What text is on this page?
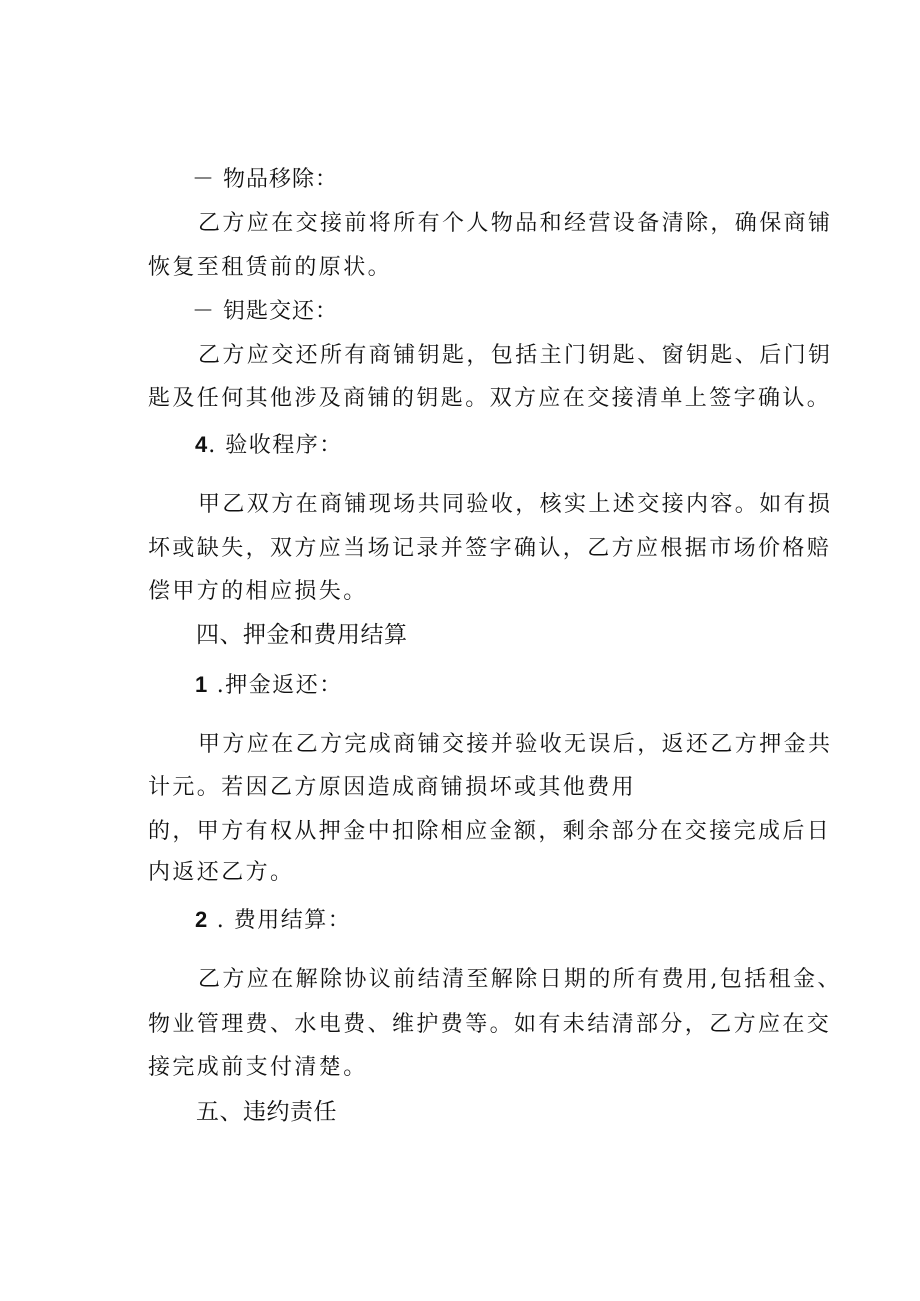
－ 物品移除：
乙方应在交接前将所有个人物品和经营设备清除，确保商铺
恢复至租赁前的原状。
－ 钥匙交还：
乙方应交还所有商铺钥匙，包括主门钥匙、窗钥匙、后门钥
匙及任何其他涉及商铺的钥匙。双方应在交接清单上签字确认。
4. 验收程序：
甲乙双方在商铺现场共同验收，核实上述交接内容。如有损
坏或缺失，双方应当场记录并签字确认，乙方应根据市场价格赔
偿甲方的相应损失。
四、押金和费用结算
1 .押金返还：
甲方应在乙方完成商铺交接并验收无误后，返还乙方押金共
计元。若因乙方原因造成商铺损坏或其他费用
的，甲方有权从押金中扣除相应金额，剩余部分在交接完成后日
内返还乙方。
2 . 费用结算：
乙方应在解除协议前结清至解除日期的所有费用,包括租金、
物业管理费、水电费、维护费等。如有未结清部分，乙方应在交
接完成前支付清楚。
五、违约责任
